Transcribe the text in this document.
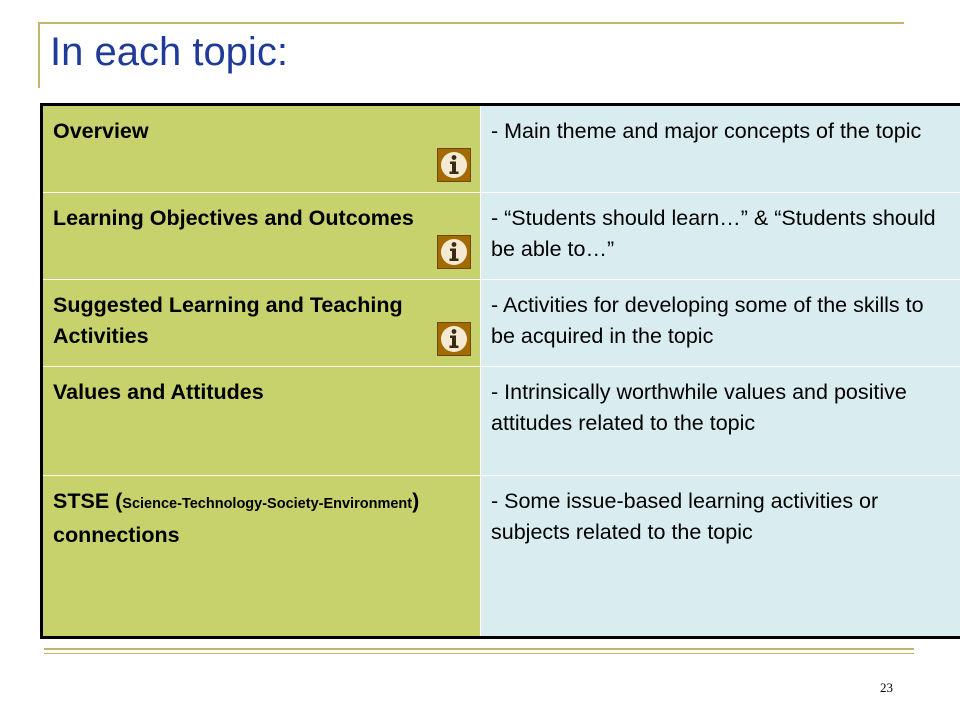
In each topic:
Overview	- Main theme and major concepts of the topic
Learning Objectives and Outcomes	- “Students should learn…” & “Students should be able to…”
Suggested Learning and Teaching Activities	- Activities for developing some of the skills to be acquired in the topic
Values and Attitudes	- Intrinsically worthwhile values and positive attitudes related to the topic
STSE (Science-Technology-Society-Environment) connections	- Some issue-based learning activities or subjects related to the topic
23
